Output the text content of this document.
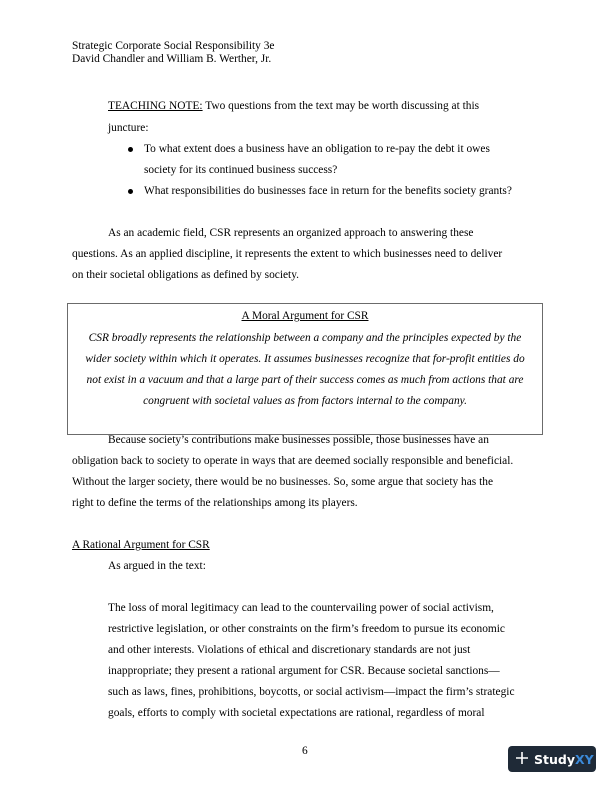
Strategic Corporate Social Responsibility 3e
David Chandler and William B. Werther, Jr.
TEACHING NOTE: Two questions from the text may be worth discussing at this
juncture:
To what extent does a business have an obligation to re-pay the debt it owes
society for its continued business success?
What responsibilities do businesses face in return for the benefits society grants?
As an academic field, CSR represents an organized approach to answering these
questions. As an applied discipline, it represents the extent to which businesses need to deliver
on their societal obligations as defined by society.
A Moral Argument for CSR
CSR broadly represents the relationship between a company and the principles expected by the
wider society within which it operates. It assumes businesses recognize that for-profit entities do
not exist in a vacuum and that a large part of their success comes as much from actions that are
congruent with societal values as from factors internal to the company.
Because society’s contributions make businesses possible, those businesses have an
obligation back to society to operate in ways that are deemed socially responsible and beneficial.
Without the larger society, there would be no businesses. So, some argue that society has the
right to define the terms of the relationships among its players.
A Rational Argument for CSR
As argued in the text:
The loss of moral legitimacy can lead to the countervailing power of social activism,
restrictive legislation, or other constraints on the firm’s freedom to pursue its economic
and other interests. Violations of ethical and discretionary standards are not just
inappropriate; they present a rational argument for CSR. Because societal sanctions—
such as laws, fines, prohibitions, boycotts, or social activism—impact the firm’s strategic
goals, efforts to comply with societal expectations are rational, regardless of moral
6
Study XY
